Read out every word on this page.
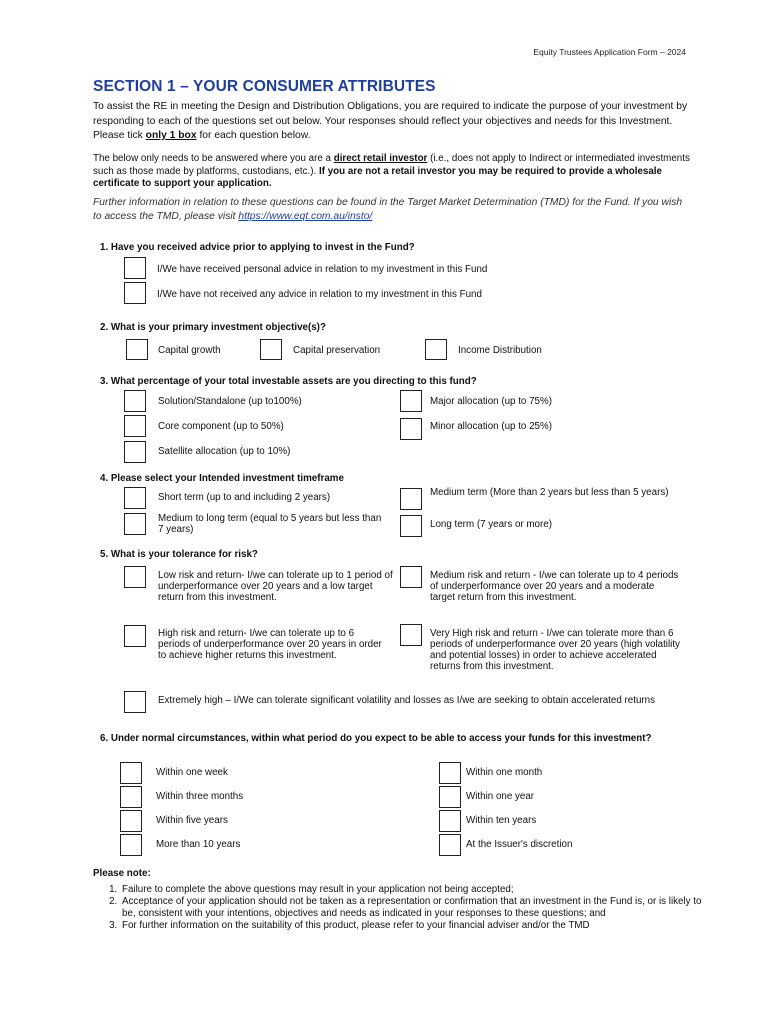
Equity Trustees Application Form – 2024
SECTION 1 – YOUR CONSUMER ATTRIBUTES
To assist the RE in meeting the Design and Distribution Obligations, you are required to indicate the purpose of your investment by responding to each of the questions set out below. Your responses should reflect your objectives and needs for this Investment. Please tick only 1 box for each question below.
The below only needs to be answered where you are a direct retail investor (i.e., does not apply to Indirect or intermediated investments such as those made by platforms, custodians, etc.). If you are not a retail investor you may be required to provide a wholesale certificate to support your application.
Further information in relation to these questions can be found in the Target Market Determination (TMD) for the Fund. If you wish to access the TMD, please visit https://www.eqt.com.au/insto/
1. Have you received advice prior to applying to invest in the Fund?
I/We have received personal advice in relation to my investment in this Fund
I/We have not received any advice in relation to my investment in this Fund
2. What is your primary investment objective(s)?
Capital growth	Capital preservation	Income Distribution
3. What percentage of your total investable assets are you directing to this fund?
Solution/Standalone (up to100%)	Major allocation (up to 75%)
Core component (up to 50%)	Minor allocation (up to 25%)
Satellite allocation (up to 10%)
4. Please select your Intended investment timeframe
Short term (up to and including 2 years)	Medium term (More than 2 years but less than 5 years)
Medium to long term (equal to 5 years but less than 7 years)	Long term (7 years or more)
5. What is your tolerance for risk?
Low risk and return- I/we can tolerate up to 1 period of underperformance over 20 years and a low target return from this investment.
Medium risk and return - I/we can tolerate up to 4 periods of underperformance over 20 years and a moderate target return from this investment.
High risk and return- I/we can tolerate up to 6 periods of underperformance over 20 years in order to achieve higher returns this investment.
Very High risk and return - I/we can tolerate more than 6 periods of underperformance over 20 years (high volatility and potential losses) in order to achieve accelerated returns from this investment.
Extremely high – I/We can tolerate significant volatility and losses as I/we are seeking to obtain accelerated returns
6. Under normal circumstances, within what period do you expect to be able to access your funds for this investment?
Within one week	Within one month
Within three months	Within one year
Within five years	Within ten years
More than 10 years	At the Issuer's discretion
Please note:
1. Failure to complete the above questions may result in your application not being accepted;
2. Acceptance of your application should not be taken as a representation or confirmation that an investment in the Fund is, or is likely to be, consistent with your intentions, objectives and needs as indicated in your responses to these questions; and
3. For further information on the suitability of this product, please refer to your financial adviser and/or the TMD
